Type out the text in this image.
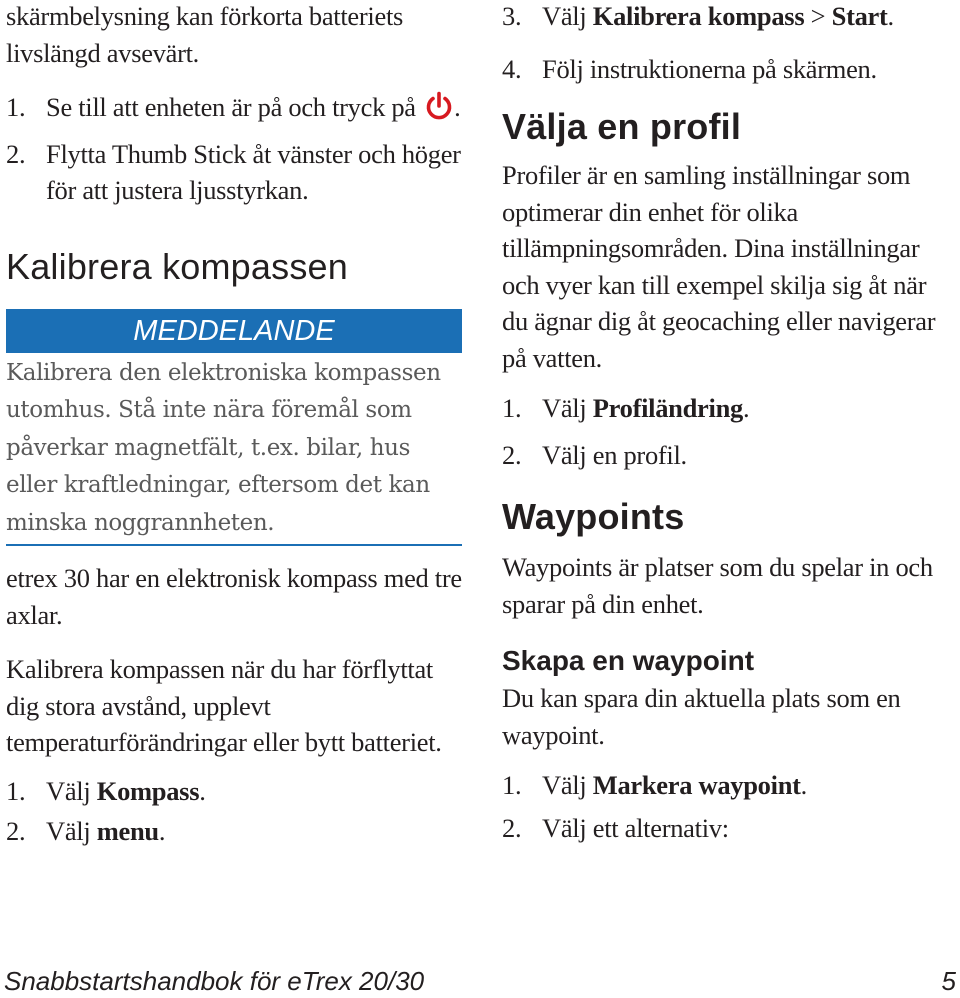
skärmbelysning kan förkorta batteriets livslängd avsevärt.

1. Se till att enheten är på och tryck på .
2. Flytta Thumb Stick åt vänster och höger för att justera ljusstyrkan.
Kalibrera kompassen
MEDDELANDE

Kalibrera den elektroniska kompassen utomhus. Stå inte nära föremål som påverkar magnetfält, t.ex. bilar, hus eller kraftledningar, eftersom det kan minska noggrannheten.

etrex 30 har en elektronisk kompass med tre axlar.

Kalibrera kompassen när du har förflyttat dig stora avstånd, upplevt temperaturförändringar eller bytt batteriet.

1. Välj Kompass.
2. Välj menu.
3. Välj Kalibrera kompass > Start.
4. Följ instruktionerna på skärmen.
Välja en profil

Profiler är en samling inställningar som optimerar din enhet för olika tillämpningsområden. Dina inställningar och vyer kan till exempel skilja sig åt när du ägnar dig åt geocaching eller navigerar på vatten.

1. Välj Profiländring.
2. Välj en profil.
Waypoints

Waypoints är platser som du spelar in och sparar på din enhet.

Skapa en waypoint

Du kan spara din aktuella plats som en waypoint.

1. Välj Markera waypoint.
2. Välj ett alternativ:
Snabbstartshandbok för eTrex 20/30	5
